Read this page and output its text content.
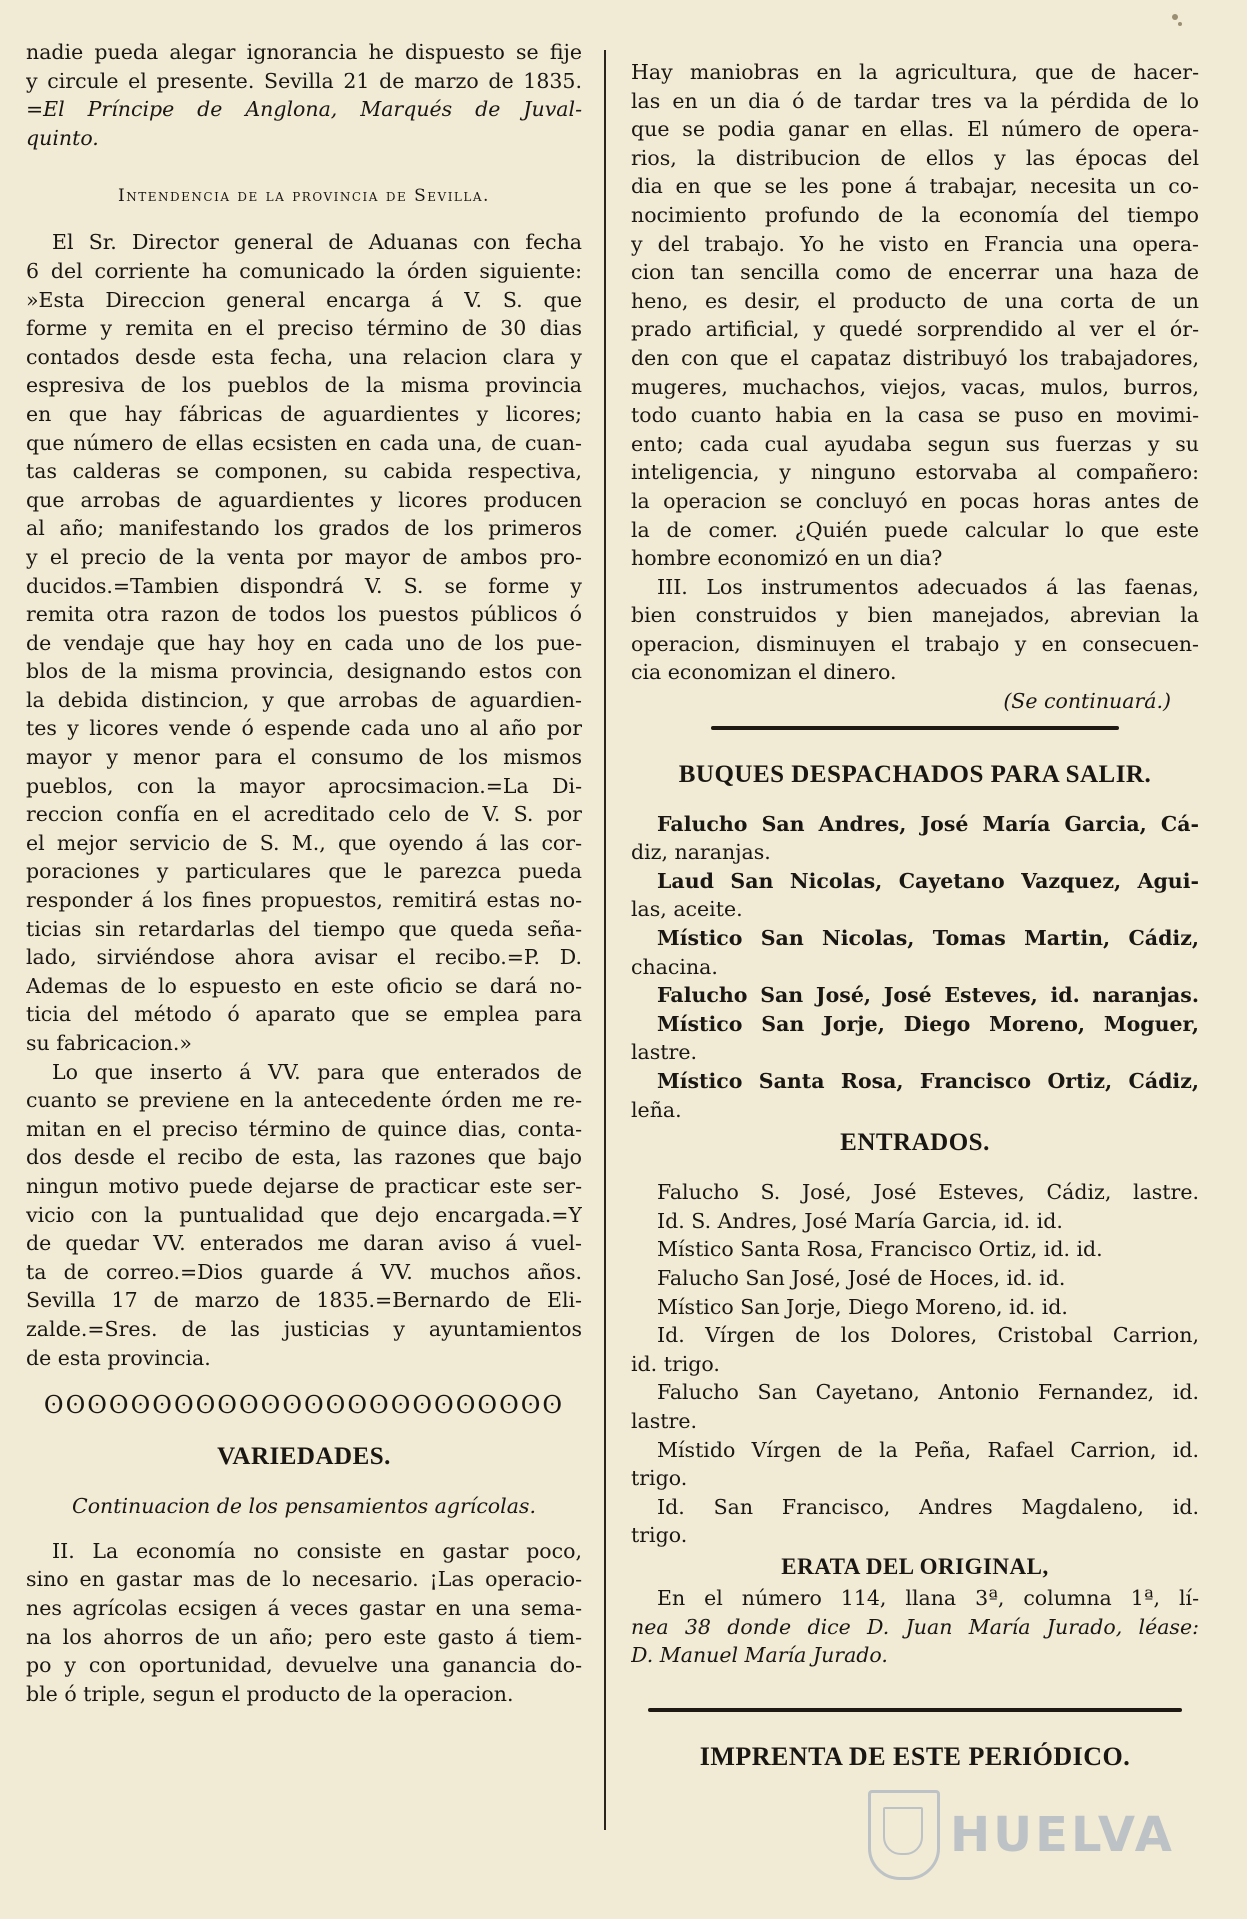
nadie pueda alegar ignorancia he dispuesto se fije
y circule el presente. Sevilla 21 de marzo de 1835.
=El Príncipe de Anglona, Marqués de Juval-
quinto.
Intendencia de la provincia de Sevilla.
El Sr. Director general de Aduanas con fecha
6 del corriente ha comunicado la órden siguiente:
»Esta Direccion general encarga á V. S. que
forme y remita en el preciso término de 30 dias
contados desde esta fecha, una relacion clara y
espresiva de los pueblos de la misma provincia
en que hay fábricas de aguardientes y licores;
que número de ellas ecsisten en cada una, de cuan-
tas calderas se componen, su cabida respectiva,
que arrobas de aguardientes y licores producen
al año; manifestando los grados de los primeros
y el precio de la venta por mayor de ambos pro-
ducidos.=Tambien dispondrá V. S. se forme y
remita otra razon de todos los puestos públicos ó
de vendaje que hay hoy en cada uno de los pue-
blos de la misma provincia, designando estos con
la debida distincion, y que arrobas de aguardien-
tes y licores vende ó espende cada uno al año por
mayor y menor para el consumo de los mismos
pueblos, con la mayor aprocsimacion.=La Di-
reccion confía en el acreditado celo de V. S. por
el mejor servicio de S. M., que oyendo á las cor-
poraciones y particulares que le parezca pueda
responder á los fines propuestos, remitirá estas no-
ticias sin retardarlas del tiempo que queda seña-
lado, sirviéndose ahora avisar el recibo.=P. D.
Ademas de lo espuesto en este oficio se dará no-
ticia del método ó aparato que se emplea para
su fabricacion.»
Lo que inserto á VV. para que enterados de
cuanto se previene en la antecedente órden me re-
mitan en el preciso término de quince dias, conta-
dos desde el recibo de esta, las razones que bajo
ningun motivo puede dejarse de practicar este ser-
vicio con la puntualidad que dejo encargada.=Y
de quedar VV. enterados me daran aviso á vuel-
ta de correo.=Dios guarde á VV. muchos años.
Sevilla 17 de marzo de 1835.=Bernardo de Eli-
zalde.=Sres. de las justicias y ayuntamientos
de esta provincia.
ʘʘʘʘʘʘʘʘʘʘʘʘʘʘʘʘʘʘʘʘʘʘʘʘ
VARIEDADES.
Continuacion de los pensamientos agrícolas.
II. La economía no consiste en gastar poco,
sino en gastar mas de lo necesario. ¡Las operacio-
nes agrícolas ecsigen á veces gastar en una sema-
na los ahorros de un año; pero este gasto á tiem-
po y con oportunidad, devuelve una ganancia do-
ble ó triple, segun el producto de la operacion.
Hay maniobras en la agricultura, que de hacer-
las en un dia ó de tardar tres va la pérdida de lo
que se podia ganar en ellas. El número de opera-
rios, la distribucion de ellos y las épocas del
dia en que se les pone á trabajar, necesita un co-
nocimiento profundo de la economía del tiempo
y del trabajo. Yo he visto en Francia una opera-
cion tan sencilla como de encerrar una haza de
heno, es desir, el producto de una corta de un
prado artificial, y quedé sorprendido al ver el ór-
den con que el capataz distribuyó los trabajadores,
mugeres, muchachos, viejos, vacas, mulos, burros,
todo cuanto habia en la casa se puso en movimi-
ento; cada cual ayudaba segun sus fuerzas y su
inteligencia, y ninguno estorvaba al compañero:
la operacion se concluyó en pocas horas antes de
la de comer. ¿Quién puede calcular lo que este
hombre economizó en un dia?
III. Los instrumentos adecuados á las faenas,
bien construidos y bien manejados, abrevian la
operacion, disminuyen el trabajo y en consecuen-
cia economizan el dinero.
(Se continuará.)
BUQUES DESPACHADOS PARA SALIR.
Falucho San Andres, José María Garcia, Cá-
diz, naranjas.
Laud San Nicolas, Cayetano Vazquez, Agui-
las, aceite.
Místico San Nicolas, Tomas Martin, Cádiz,
chacina.
Falucho San José, José Esteves, id. naranjas.
Místico San Jorje, Diego Moreno, Moguer,
lastre.
Místico Santa Rosa, Francisco Ortiz, Cádiz,
leña.
ENTRADOS.
Falucho S. José, José Esteves, Cádiz, lastre.
Id. S. Andres, José María Garcia, id. id.
Místico Santa Rosa, Francisco Ortiz, id. id.
Falucho San José, José de Hoces, id. id.
Místico San Jorje, Diego Moreno, id. id.
Id. Vírgen de los Dolores, Cristobal Carrion,
id. trigo.
Falucho San Cayetano, Antonio Fernandez, id.
lastre.
Místido Vírgen de la Peña, Rafael Carrion, id.
trigo.
Id. San Francisco, Andres Magdaleno, id.
trigo.
ERATA DEL ORIGINAL,
En el número 114, llana 3ª, columna 1ª, lí-
nea 38 donde dice D. Juan María Jurado, léase:
D. Manuel María Jurado.
IMPRENTA DE ESTE PERIÓDICO.
HUELVA
